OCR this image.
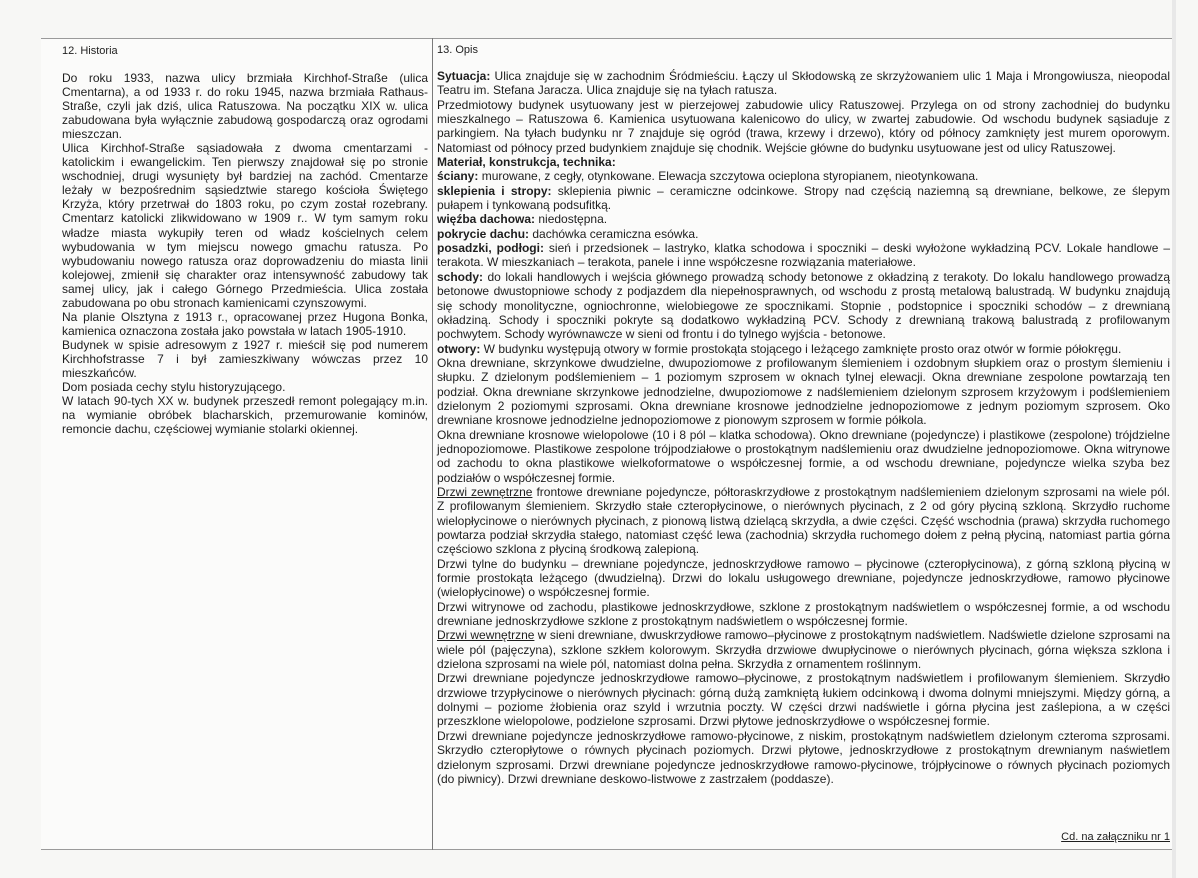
12. Historia	13. Opis

Do roku 1933, nazwa ulicy brzmiała Kirchhof-Straße (ulica Cmentarna), a od 1933 r. do roku 1945, nazwa brzmiała Rathaus-Straße, czyli jak dziś, ulica Ratuszowa. Na początku XIX w. ulica zabudowana była wyłącznie zabudową gospodarczą oraz ogrodami mieszczan.

Ulica Kirchhof-Straße sąsiadowała z dwoma cmentarzami - katolickim i ewangelickim. Ten pierwszy znajdował się po stronie wschodniej, drugi wysunięty był bardziej na zachód. Cmentarze leżały w bezpośrednim sąsiedztwie starego kościoła Świętego Krzyża, który przetrwał do 1803 roku, po czym został rozebrany. Cmentarz katolicki zlikwidowano w 1909 r.. W tym samym roku władze miasta wykupiły teren od władz kościelnych celem wybudowania w tym miejscu nowego gmachu ratusza. Po wybudowaniu nowego ratusza oraz doprowadzeniu do miasta linii kolejowej, zmienił się charakter oraz intensywność zabudowy tak samej ulicy, jak i całego Górnego Przedmieścia. Ulica została zabudowana po obu stronach kamienicami czynszowymi.

Na planie Olsztyna z 1913 r., opracowanej przez Hugona Bonka, kamienica oznaczona została jako powstała w latach 1905-1910.

Budynek w spisie adresowym z 1927 r. mieścił się pod numerem Kirchhofstrasse 7 i był zamieszkiwany wówczas przez 10 mieszkańców.

Dom posiada cechy stylu historyzującego.

W latach 90-tych XX w. budynek przeszedł remont polegający m.in. na wymianie obróbek blacharskich, przemurowanie kominów, remoncie dachu, częściowej wymianie stolarki okiennej.

Sytuacja: Ulica znajduje się w zachodnim Śródmieściu. Łączy ul Skłodowską ze skrzyżowaniem ulic 1 Maja i Mrongowiusza, nieopodal Teatru im. Stefana Jaracza. Ulica znajduje się na tyłach ratusza.

Przedmiotowy budynek usytuowany jest w pierzejowej zabudowie ulicy Ratuszowej. Przylega on od strony zachodniej do budynku mieszkalnego – Ratuszowa 6. Kamienica usytuowana kalenicowo do ulicy, w zwartej zabudowie. Od wschodu budynek sąsiaduje z parkingiem. Na tyłach budynku nr 7 znajduje się ogród (trawa, krzewy i drzewo), który od północy zamknięty jest murem oporowym. Natomiast od północy przed budynkiem znajduje się chodnik. Wejście główne do budynku usytuowane jest od ulicy Ratuszowej.

Materiał, konstrukcja, technika:

ściany: murowane, z cegły, otynkowane. Elewacja szczytowa ocieplona styropianem, nieotynkowana.

sklepienia i stropy: sklepienia piwnic – ceramiczne odcinkowe. Stropy nad częścią naziemną są drewniane, belkowe, ze ślepym pułapem i tynkowaną podsufitką.

więźba dachowa: niedostępna.

pokrycie dachu: dachówka ceramiczna esówka.

posadzki, podłogi: sień i przedsionek – lastryko, klatka schodowa i spoczniki – deski wyłożone wykładziną PCV. Lokale handlowe – terakota. W mieszkaniach – terakota, panele i inne współczesne rozwiązania materiałowe.

schody: do lokali handlowych i wejścia głównego prowadzą schody betonowe z okładziną z terakoty. Do lokalu handlowego prowadzą betonowe dwustopniowe schody z podjazdem dla niepełnosprawnych, od wschodu z prostą metalową balustradą. W budynku znajdują się schody monolityczne, ogniochronne, wielobiegowe ze spocznikami. Stopnie , podstopnice i spoczniki schodów – z drewnianą okładziną. Schody i spoczniki pokryte są dodatkowo wykładziną PCV. Schody z drewnianą trakową balustradą z profilowanym pochwytem. Schody wyrównawcze w sieni od frontu i do tylnego wyjścia - betonowe.

otwory: W budynku występują otwory w formie prostokąta stojącego i leżącego zamknięte prosto oraz otwór w formie półokręgu.

Okna drewniane, skrzynkowe dwudzielne, dwupoziomowe z profilowanym ślemieniem i ozdobnym słupkiem oraz o prostym ślemieniu i słupku. Z dzielonym podślemieniem – 1 poziomym szprosem w oknach tylnej elewacji. Okna drewniane zespolone powtarzają ten podział. Okna drewniane skrzynkowe jednodzielne, dwupoziomowe z nadślemieniem dzielonym szprosem krzyżowym i podślemieniem dzielonym 2 poziomymi szprosami. Okna drewniane krosnowe jednodzielne jednopoziomowe z jednym poziomym szprosem. Oko drewniane krosnowe jednodzielne jednopoziomowe z pionowym szprosem w formie półkola.

Okna drewniane krosnowe wielopolowe (10 i 8 pól – klatka schodowa). Okno drewniane (pojedyncze) i plastikowe (zespolone) trójdzielne jednopoziomowe. Plastikowe zespolone trójpodziałowe o prostokątnym nadślemieniu oraz dwudzielne jednopoziomowe. Okna witrynowe od zachodu to okna plastikowe wielkoformatowe o współczesnej formie, a od wschodu drewniane, pojedyncze wielka szyba bez podziałów o współczesnej formie.

Drzwi zewnętrzne frontowe drewniane pojedyncze, półtoraskrzydłowe z prostokątnym nadślemieniem dzielonym szprosami na wiele pól. Z profilowanym ślemieniem. Skrzydło stałe czteropłycinowe, o nierównych płycinach, z 2 od góry płyciną szkloną. Skrzydło ruchome wielopłycinowe o nierównych płycinach, z pionową listwą dzielącą skrzydła, a dwie części. Część wschodnia (prawa) skrzydła ruchomego powtarza podział skrzydła stałego, natomiast część lewa (zachodnia) skrzydła ruchomego dołem z pełną płyciną, natomiast partia górna częściowo szklona z płyciną środkową zalepioną.

Drzwi tylne do budynku – drewniane pojedyncze, jednoskrzydłowe ramowo – płycinowe (czteropłycinowa), z górną szkloną płyciną w formie prostokąta leżącego (dwudzielną). Drzwi do lokalu usługowego drewniane, pojedyncze jednoskrzydłowe, ramowo płycinowe (wielopłycinowe) o współczesnej formie.

Drzwi witrynowe od zachodu, plastikowe jednoskrzydłowe, szklone z prostokątnym nadświetlem o współczesnej formie, a od wschodu drewniane jednoskrzydłowe szklone z prostokątnym nadświetlem o współczesnej formie.

Drzwi wewnętrzne w sieni drewniane, dwuskrzydłowe ramowo–płycinowe z prostokątnym nadświetlem. Nadświetle dzielone szprosami na wiele pól (pajęczyna), szklone szkłem kolorowym. Skrzydła drzwiowe dwupłycinowe o nierównych płycinach, górna większa szklona i dzielona szprosami na wiele pól, natomiast dolna pełna. Skrzydła z ornamentem roślinnym.

Drzwi drewniane pojedyncze jednoskrzydłowe ramowo–płycinowe, z prostokątnym nadświetlem i profilowanym ślemieniem. Skrzydło drzwiowe trzypłycinowe o nierównych płycinach: górną dużą zamkniętą łukiem odcinkową i dwoma dolnymi mniejszymi. Między górną, a dolnymi – poziome żłobienia oraz szyld i wrzutnia poczty. W części drzwi nadświetle i górna płycina jest zaślepiona, a w części przeszklone wielopolowe, podzielone szprosami. Drzwi płytowe jednoskrzydłowe o współczesnej formie.

Drzwi drewniane pojedyncze jednoskrzydłowe ramowo-płycinowe, z niskim, prostokątnym nadświetlem dzielonym czteroma szprosami. Skrzydło czteropłytowe o równych płycinach poziomych. Drzwi płytowe, jednoskrzydłowe z prostokątnym drewnianym naświetlem dzielonym szprosami. Drzwi drewniane pojedyncze jednoskrzydłowe ramowo-płycinowe, trójpłycinowe o równych płycinach poziomych (do piwnicy). Drzwi drewniane deskowo-listwowe z zastrzałem (poddasze).

Cd. na załączniku nr 1
